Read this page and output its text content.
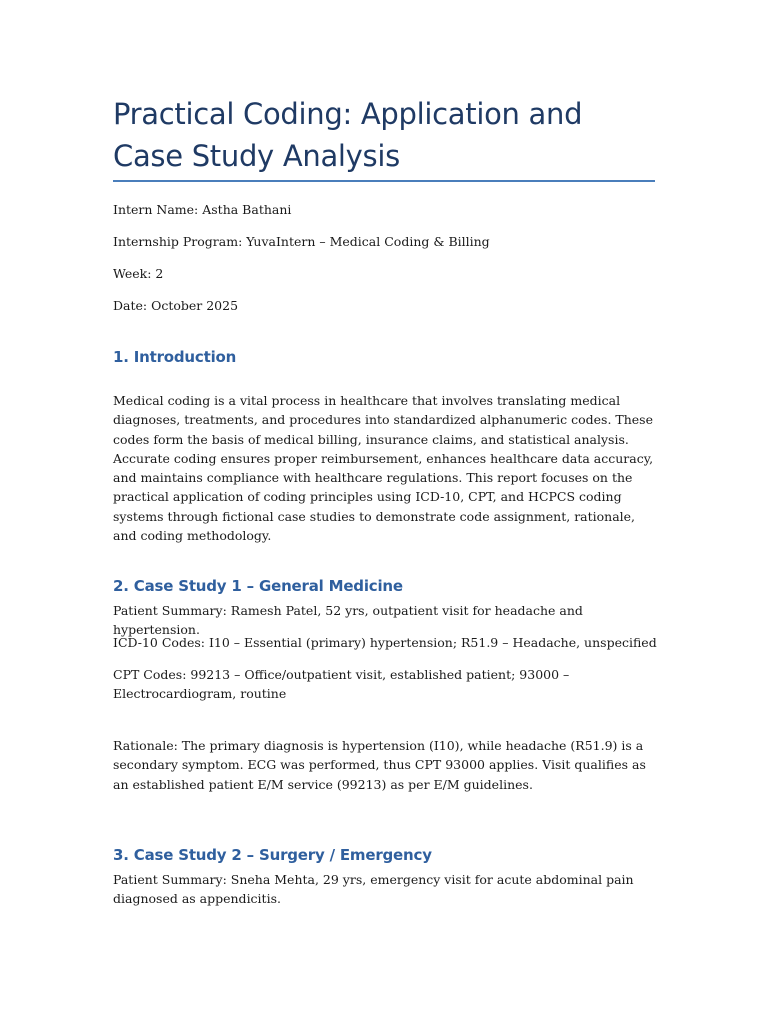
Practical Coding: Application and Case Study Analysis

Intern Name: Astha Bathani

Internship Program: YuvaIntern – Medical Coding & Billing

Week: 2

Date: October 2025

1. Introduction

Medical coding is a vital process in healthcare that involves translating medical diagnoses, treatments, and procedures into standardized alphanumeric codes. These codes form the basis of medical billing, insurance claims, and statistical analysis. Accurate coding ensures proper reimbursement, enhances healthcare data accuracy, and maintains compliance with healthcare regulations. This report focuses on the practical application of coding principles using ICD-10, CPT, and HCPCS coding systems through fictional case studies to demonstrate code assignment, rationale, and coding methodology.

2. Case Study 1 – General Medicine

Patient Summary: Ramesh Patel, 52 yrs, outpatient visit for headache and hypertension.

ICD-10 Codes: I10 – Essential (primary) hypertension; R51.9 – Headache, unspecified

CPT Codes: 99213 – Office/outpatient visit, established patient; 93000 – Electrocardiogram, routine

Rationale: The primary diagnosis is hypertension (I10), while headache (R51.9) is a secondary symptom. ECG was performed, thus CPT 93000 applies. Visit qualifies as an established patient E/M service (99213) as per E/M guidelines.

3. Case Study 2 – Surgery / Emergency

Patient Summary: Sneha Mehta, 29 yrs, emergency visit for acute abdominal pain diagnosed as appendicitis.
